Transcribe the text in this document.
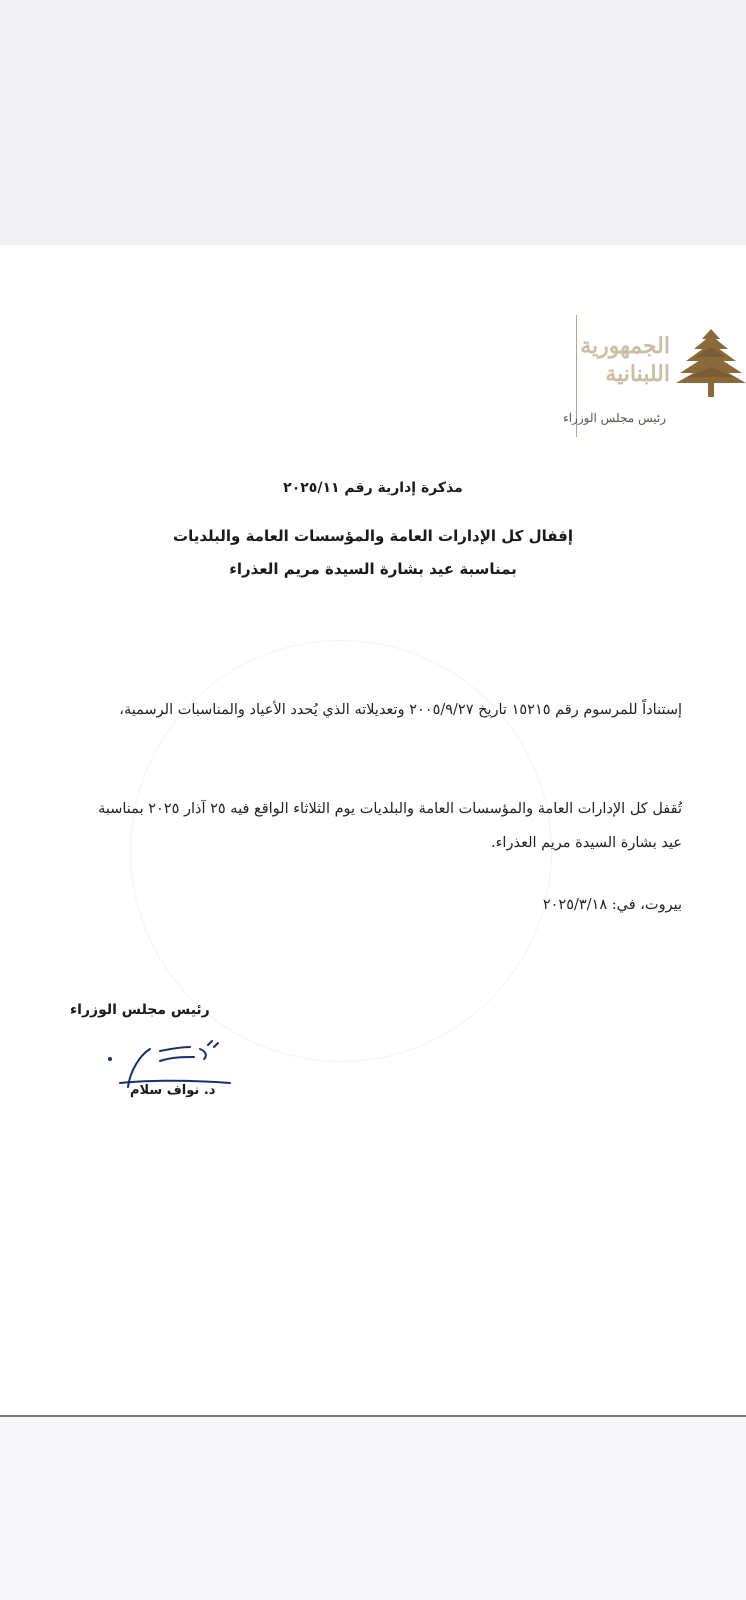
الجمهورية
اللبنانية
رئيس مجلس الوزراء
مذكرة إدارية رقم ٢٠٢٥/١١
إقفال كل الإدارات العامة والمؤسسات العامة والبلديات
بمناسبة عيد بشارة السيدة مريم العذراء
إستناداً للمرسوم رقم ١٥٢١٥ تاريخ ٢٠٠٥/٩/٢٧ وتعديلاته الذي يُحدد الأعياد والمناسبات الرسمية،
تُقفل كل الإدارات العامة والمؤسسات العامة والبلديات يوم الثلاثاء الواقع فيه ٢٥ آذار ٢٠٢٥ بمناسبة عيد بشارة السيدة مريم العذراء.
بيروت، في: ٢٠٢٥/٣/١٨
رئيس مجلس الوزراء
د. نواف سلام
